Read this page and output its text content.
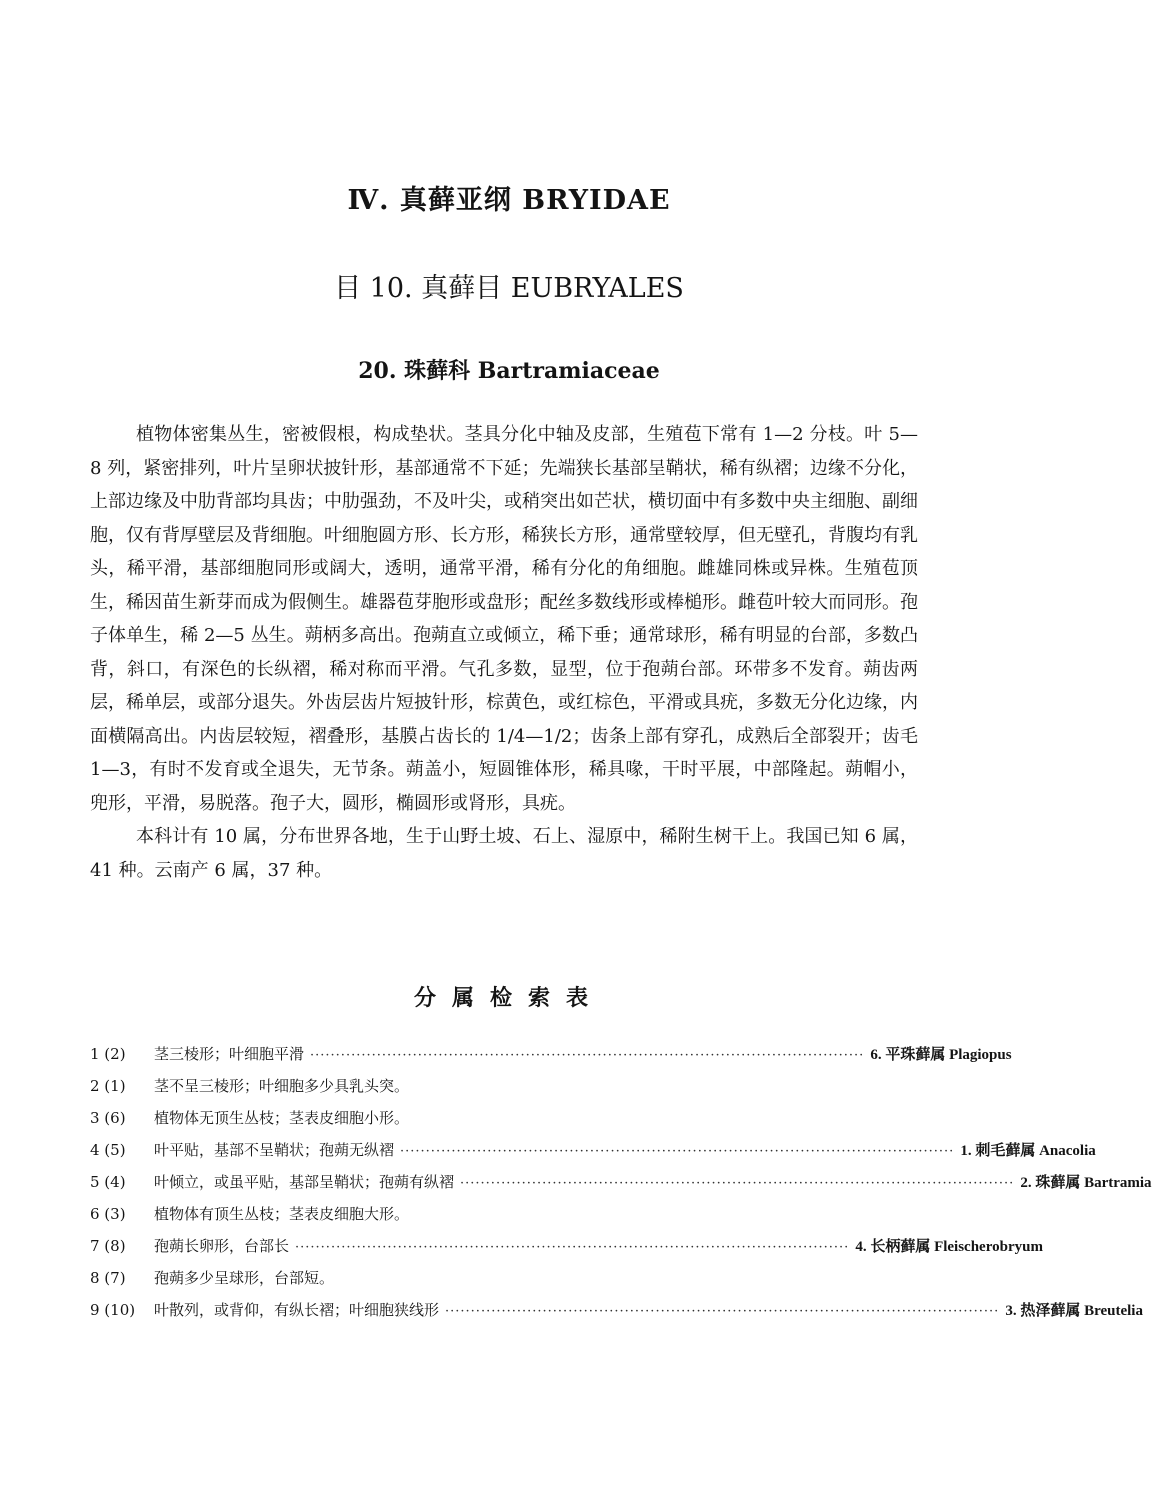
Ⅳ. 真藓亚纲 BRYIDAE
目 10. 真藓目 EUBRYALES
20. 珠藓科 Bartramiaceae

植物体密集丛生，密被假根，构成垫状。茎具分化中轴及皮部，生殖苞下常有 1—2 分枝。叶 5—8 列，紧密排列，叶片呈卵状披针形，基部通常不下延；先端狭长基部呈鞘状，稀有纵褶；边缘不分化，上部边缘及中肋背部均具齿；中肋强劲，不及叶尖，或稍突出如芒状，横切面中有多数中央主细胞、副细胞，仅有背厚壁层及背细胞。叶细胞圆方形、长方形，稀狭长方形，通常壁较厚，但无壁孔，背腹均有乳头，稀平滑，基部细胞同形或阔大，透明，通常平滑，稀有分化的角细胞。雌雄同株或异株。生殖苞顶生，稀因苗生新芽而成为假侧生。雄器苞芽胞形或盘形；配丝多数线形或棒槌形。雌苞叶较大而同形。孢子体单生，稀 2—5 丛生。蒴柄多高出。孢蒴直立或倾立，稀下垂；通常球形，稀有明显的台部，多数凸背，斜口，有深色的长纵褶，稀对称而平滑。气孔多数，显型，位于孢蒴台部。环带多不发育。蒴齿两层，稀单层，或部分退失。外齿层齿片短披针形，棕黄色，或红棕色，平滑或具疣，多数无分化边缘，内面横隔高出。内齿层较短，褶叠形，基膜占齿长的 1/4—1/2；齿条上部有穿孔，成熟后全部裂开；齿毛 1—3，有时不发育或全退失，无节条。蒴盖小，短圆锥体形，稀具喙，干时平展，中部隆起。蒴帽小，兜形，平滑，易脱落。孢子大，圆形，椭圆形或肾形，具疣。

本科计有 10 属，分布世界各地，生于山野土坡、石上、湿原中，稀附生树干上。我国已知 6 属，41 种。云南产 6 属，37 种。

分属检索表
1 (2)	茎三棱形；叶细胞平滑 ············································································································ 6. 平珠藓属 Plagiopus
2 (1)	茎不呈三棱形；叶细胞多少具乳头突。
3 (6)	植物体无顶生丛枝；茎表皮细胞小形。
4 (5)	叶平贴，基部不呈鞘状；孢蒴无纵褶 ············································································································ 1. 刺毛藓属 Anacolia
5 (4)	叶倾立，或虽平贴，基部呈鞘状；孢蒴有纵褶 ············································································································ 2. 珠藓属 Bartramia
6 (3)	植物体有顶生丛枝；茎表皮细胞大形。
7 (8)	孢蒴长卵形，台部长 ············································································································ 4. 长柄藓属 Fleischerobryum
8 (7)	孢蒴多少呈球形，台部短。
9 (10)	叶散列，或背仰，有纵长褶；叶细胞狭线形 ············································································································ 3. 热泽藓属 Breutelia
